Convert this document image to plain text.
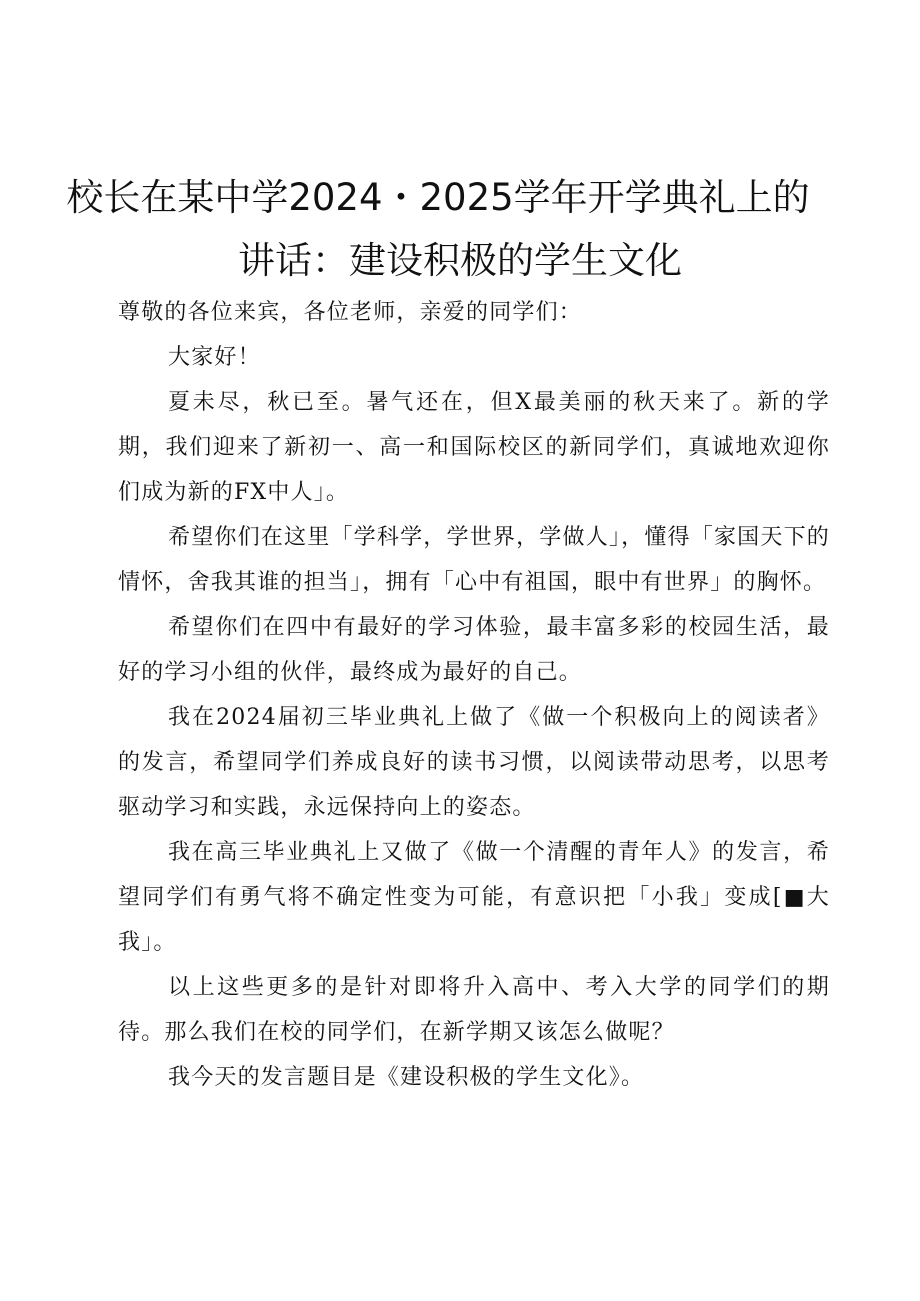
校长在某中学2024・2025学年开学典礼上的
讲话：建设积极的学生文化

尊敬的各位来宾，各位老师，亲爱的同学们：

大家好！

夏未尽，秋已至。暑气还在，但X最美丽的秋天来了。新的学期，我们迎来了新初一、高一和国际校区的新同学们，真诚地欢迎你们成为新的FX中人」。

希望你们在这里「学科学，学世界，学做人」，懂得「家国天下的情怀，舍我其谁的担当」，拥有「心中有祖国，眼中有世界」的胸怀。

希望你们在四中有最好的学习体验，最丰富多彩的校园生活，最好的学习小组的伙伴，最终成为最好的自己。

我在2024届初三毕业典礼上做了《做一个积极向上的阅读者》的发言，希望同学们养成良好的读书习惯，以阅读带动思考，以思考驱动学习和实践，永远保持向上的姿态。

我在高三毕业典礼上又做了《做一个清醒的青年人》的发言，希望同学们有勇气将不确定性变为可能，有意识把「小我」变成[■大我」。

以上这些更多的是针对即将升入高中、考入大学的同学们的期待。那么我们在校的同学们，在新学期又该怎么做呢？

我今天的发言题目是《建设积极的学生文化》。
